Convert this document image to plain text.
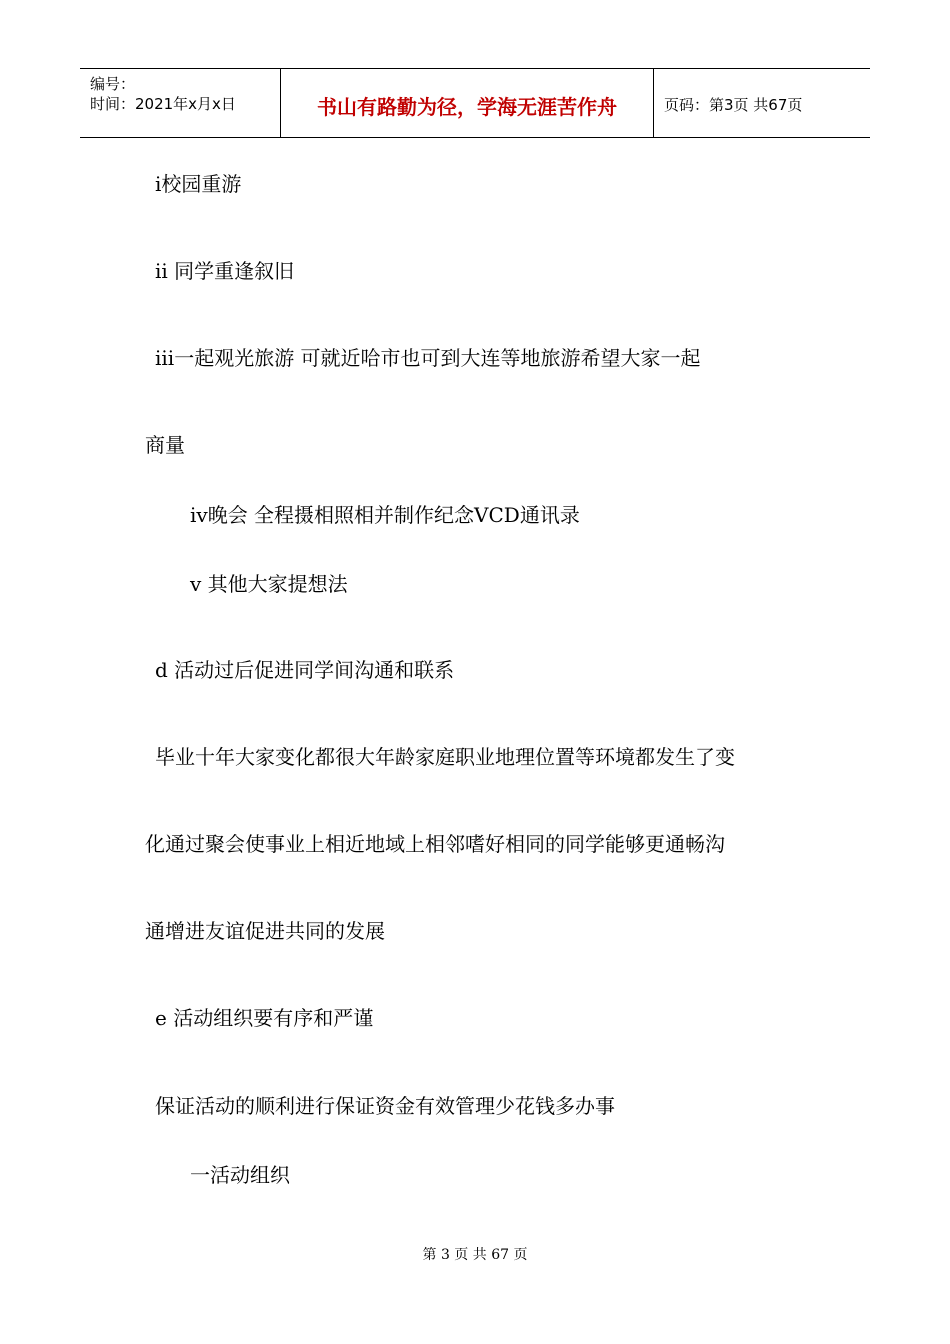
编号：
时间：2021年x月x日	书山有路勤为径，学海无涯苦作舟	页码：第3页 共67页
i校园重游
ii 同学重逢叙旧
iii一起观光旅游 可就近哈市也可到大连等地旅游希望大家一起
商量
iv晚会 全程摄相照相并制作纪念VCD通讯录
v 其他大家提想法
d 活动过后促进同学间沟通和联系
毕业十年大家变化都很大年龄家庭职业地理位置等环境都发生了变
化通过聚会使事业上相近地域上相邻嗜好相同的同学能够更通畅沟
通增进友谊促进共同的发展
e 活动组织要有序和严谨
保证活动的顺利进行保证资金有效管理少花钱多办事
一活动组织
第 3 页 共 67 页
